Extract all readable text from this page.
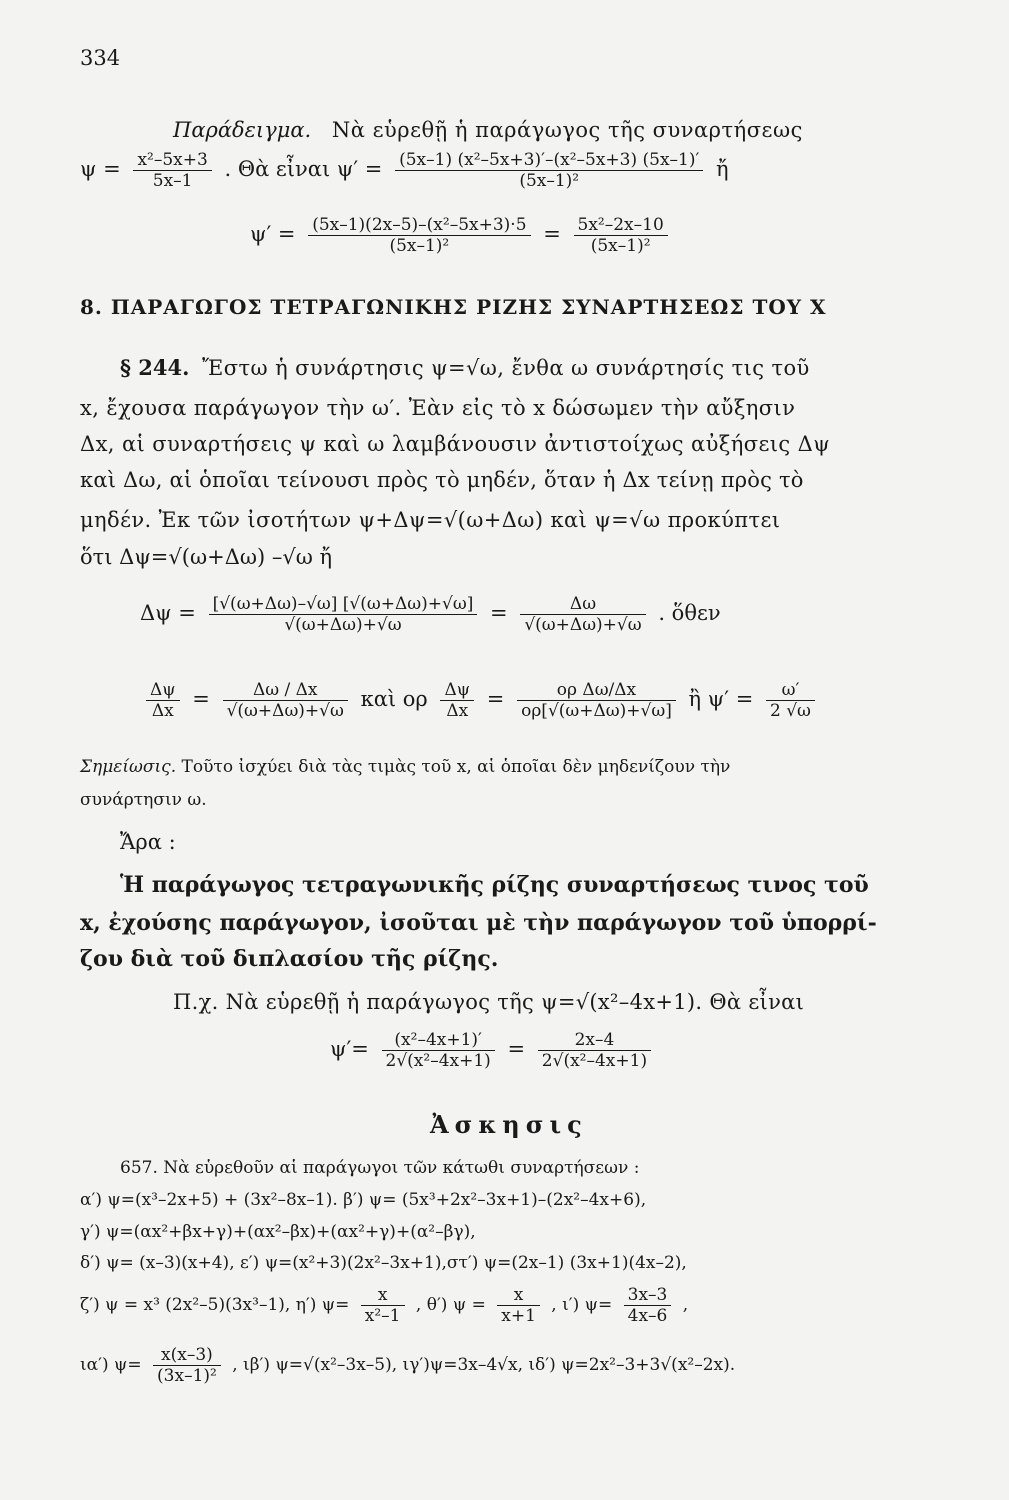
334
Παράδειγμα. Νὰ εὑρεθῇ ἡ παράγωγος τῆς συναρτήσεως
$\psi = \frac{\text{x²–5x+3}}{5x-1}$ . Θὰ εἶναι $\psi' = \frac{\text{(5x–1) (x²–5x+3)′–(x²–5x+3) (5x–1)′}}{\text{(5x–1)²}}$ ἤ
$\psi' = \frac{\text{(5x–1)(2x–5)–(x²–5x+3)·5}}{\text{(5x–1)²}} = \frac{\text{5x²–2x–10}}{\text{(5x–1)²}}$
8. ΠΑΡΑΓΩΓΟΣ ΤΕΤΡΑΓΩΝΙΚΗΣ ΡΙΖΗΣ ΣΥΝΑΡΤΗΣΕΩΣ ΤΟΥ Χ
§ 244. Ἔστω ἡ συνάρτησις ψ=√ω, ἔνθα ω συνάρτησίς τις τοῦ
x, ἔχουσα παράγωγον τὴν ω′. Ἐὰν εἰς τὸ x δώσωμεν τὴν αὔξησιν
Δx, αἱ συναρτήσεις ψ καὶ ω λαμβάνουσιν ἀντιστοίχως αὐξήσεις Δψ
καὶ Δω, αἱ ὁποῖαι τείνουσι πρὸς τὸ μηδέν, ὅταν ἡ Δx τείνῃ πρὸς τὸ
μηδέν. Ἐκ τῶν ἰσοτήτων ψ+Δψ=√(ω+Δω) καὶ ψ=√ω προκύπτει
ὅτι Δψ=√(ω+Δω) –√ω ἤ
$\Delta\psi = \frac{[√(\omega+\Delta\omega)-√\omega] [√(\omega+\Delta\omega)+√\omega]}{√(\omega+\Delta\omega)+√\omega} = \frac{\Delta\omega}{√(\omega+\Delta\omega)+√\omega}$ . ὅθεν
$\frac{\Delta\psi}{\Delta x} = \frac{\Delta\omega / \Delta x}{√(\omega+\Delta\omega)+√\omega}$ καὶ ορ $\frac{\Delta\psi}{\Delta x} = \frac{\text{ορ Δω/Δx}}{o\rho[√(\omega+\Delta\omega)+√\omega]}$ ἢ $\psi' = \frac{\omega'}{2 √\omega}$
Σημείωσις. Τοῦτο ἰσχύει διὰ τὰς τιμὰς τοῦ x, αἱ ὁποῖαι δὲν μηδενίζουν τὴν
συνάρτησιν ω.
Ἄρα :
Ἡ παράγωγος τετραγωνικῆς ρίζης συναρτήσεως τινος τοῦ
x, ἐχούσης παράγωγον, ἰσοῦται μὲ τὴν παράγωγον τοῦ ὑπορρί-
ζου διὰ τοῦ διπλασίου τῆς ρίζης.
Π.χ. Νὰ εὑρεθῇ ἡ παράγωγος τῆς ψ=√(x²–4x+1). Θὰ εἶναι
$\psi'= \frac{\text{(x²–4x+1)′}}{\text{2√(x²–4x+1)}} = \frac{2x-4}{\text{2√(x²–4x+1)}}$
Ἀσκησις
657. Νὰ εὑρεθοῦν αἱ παράγωγοι τῶν κάτωθι συναρτήσεων :
α′) ψ=(x³–2x+5) + (3x²–8x–1). β′) ψ= (5x³+2x²–3x+1)–(2x²–4x+6),
γ′) ψ=(αx²+βx+γ)+(αx²–βx)+(αx²+γ)+(α²–βγ),
δ′) ψ= (x–3)(x+4), ε′) ψ=(x²+3)(2x²–3x+1),στ′) ψ=(2x–1) (3x+1)(4x–2),
ζ′) ψ = x³ (2x²–5)(3x³–1), η′) $\psi= \frac{x}{\text{x²–1}}$ , θ′) $\psi = \frac{x}{x+1}$ , ι′) $\psi= \frac{3x-3}{4x-6}$ ,
ια′) $\psi= \frac{x(x-3)}{\text{(3x–1)²}}$ , ιβ′) ψ=√(x²–3x–5), ιγ′)ψ=3x–4√x, ιδ′) ψ=2x²–3+3√(x²–2x).
